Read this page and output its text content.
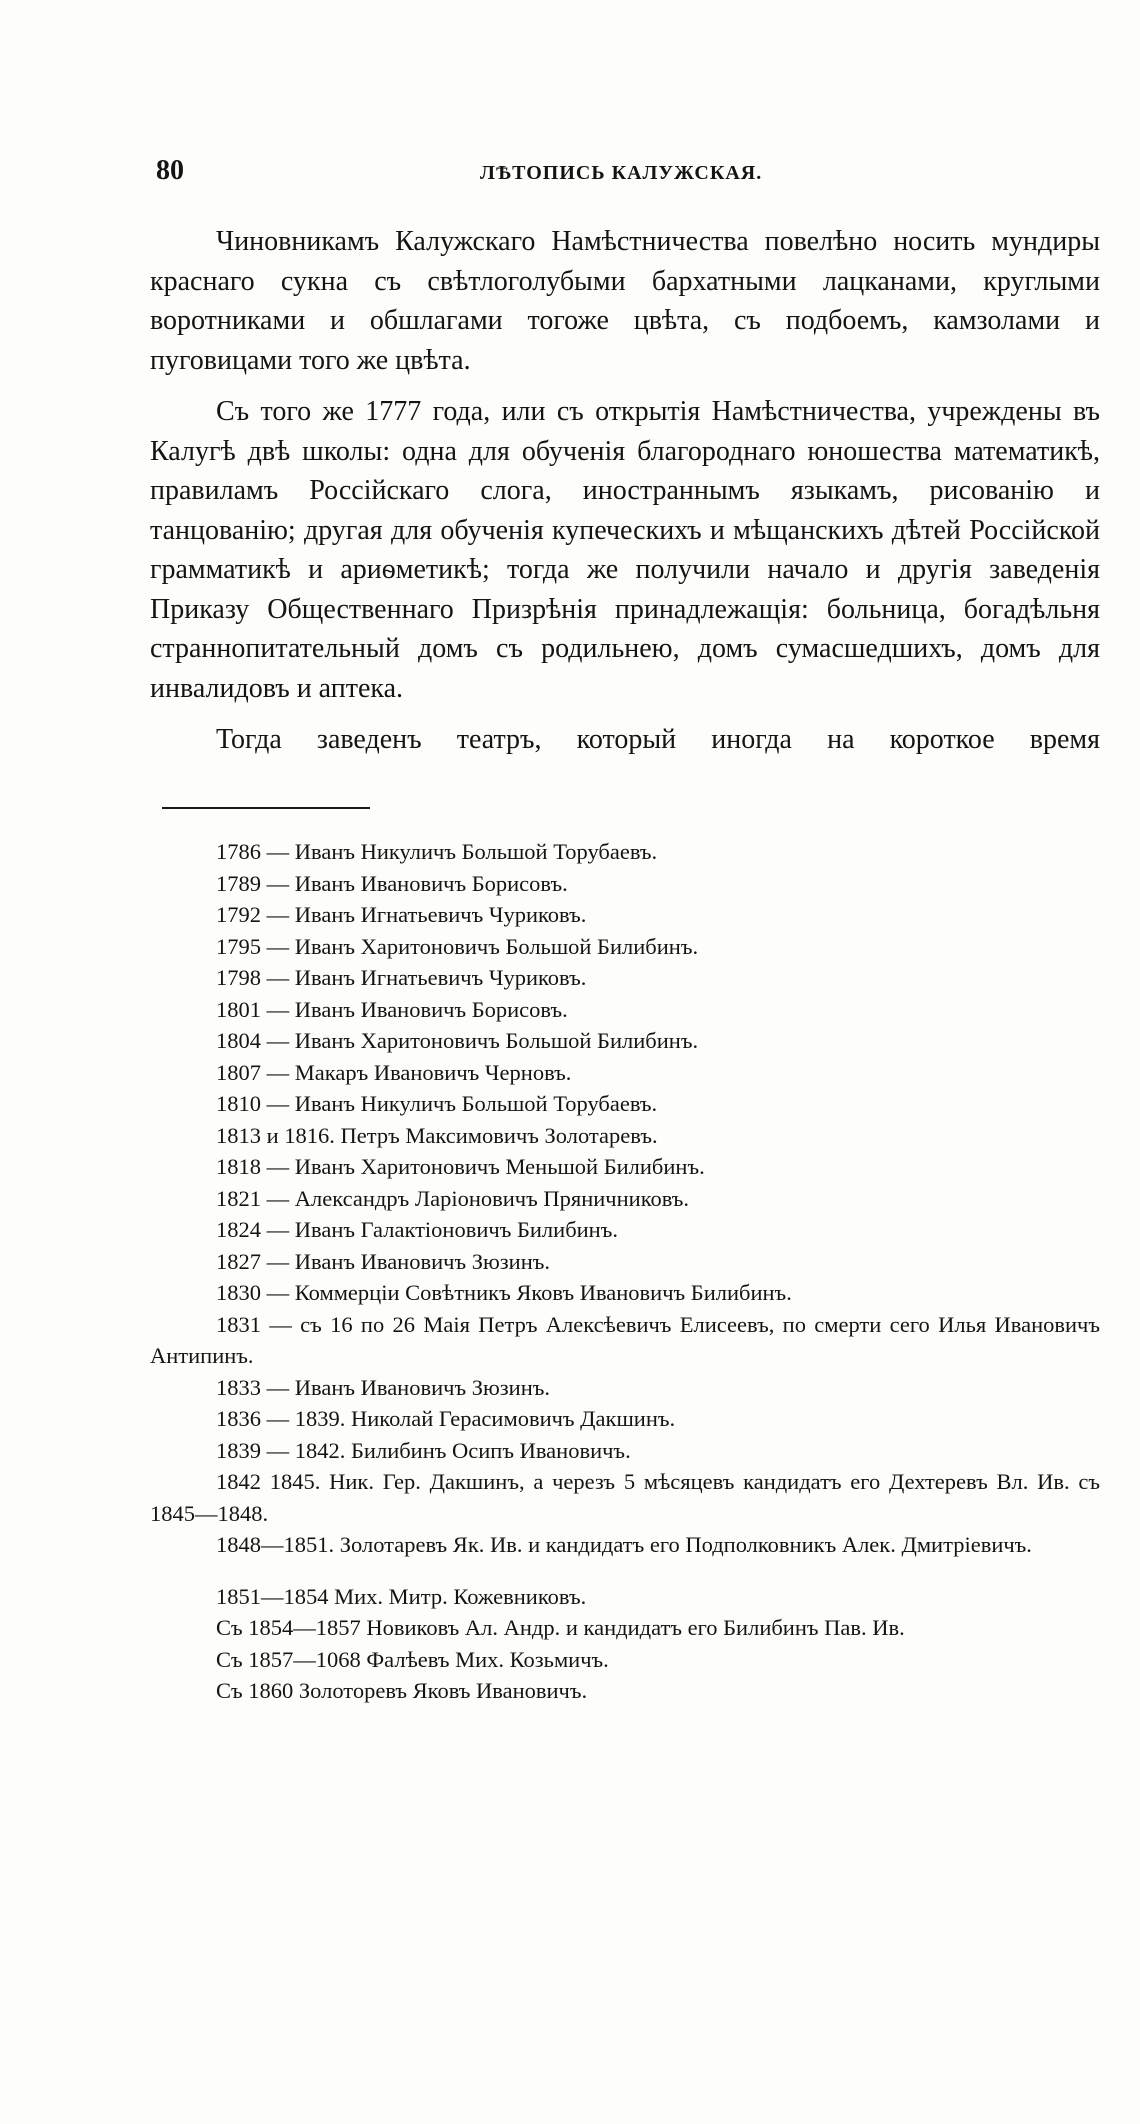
80	ЛѢТОПИСЬ КАЛУЖСКАЯ.

Чиновникамъ Калужскаго Намѣстничества повелѣно носить мундиры краснаго сукна съ свѣтлоголубыми бархатными лацканами, круглыми воротниками и обшлагами тогоже цвѣта, съ подбоемъ, камзолами и пуговицами того же цвѣта.

Съ того же 1777 года, или съ открытія Намѣстничества, учреждены въ Калугѣ двѣ школы: одна для обученія благороднаго юношества математикѣ, правиламъ Россійскаго слога, иностраннымъ языкамъ, рисованію и танцованію; другая для обученія купеческихъ и мѣщанскихъ дѣтей Россійской грамматикѣ и ариѳметикѣ; тогда же получили начало и другія заведенія Приказу Общественнаго Призрѣнія принадлежащія: больница, богадѣльня страннопитательный домъ съ родильнею, домъ сумасшедшихъ, домъ для инвалидовъ и аптека.

Тогда заведенъ театръ, который иногда на короткое время

1786 — Иванъ Никуличъ Большой Торубаевъ.
1789 — Иванъ Ивановичъ Борисовъ.
1792 — Иванъ Игнатьевичъ Чуриковъ.
1795 — Иванъ Харитоновичъ Большой Билибинъ.
1798 — Иванъ Игнатьевичъ Чуриковъ.
1801 — Иванъ Ивановичъ Борисовъ.
1804 — Иванъ Харитоновичъ Большой Билибинъ.
1807 — Макаръ Ивановичъ Черновъ.
1810 — Иванъ Никуличъ Большой Торубаевъ.
1813 и 1816. Петръ Максимовичъ Золотаревъ.
1818 — Иванъ Харитоновичъ Меньшой Билибинъ.
1821 — Александръ Ларіоновичъ Пряничниковъ.
1824 — Иванъ Галактіоновичъ Билибинъ.
1827 — Иванъ Ивановичъ Зюзинъ.
1830 — Коммерціи Совѣтникъ Яковъ Ивановичъ Билибинъ.
1831 — съ 16 по 26 Маія Петръ Алексѣевичъ Елисеевъ, по смерти сего Илья Ивановичъ Антипинъ.
1833 — Иванъ Ивановичъ Зюзинъ.
1836 — 1839. Николай Герасимовичъ Дакшинъ.
1839 — 1842. Билибинъ Осипъ Ивановичъ.
1842 1845. Ник. Гер. Дакшинъ, а черезъ 5 мѣсяцевъ кандидатъ его Дехтеревъ Вл. Ив. съ 1845—1848.
1848—1851. Золотаревъ Як. Ив. и кандидатъ его Подполковникъ Алек. Дмитріевичъ.
1851—1854 Мих. Митр. Кожевниковъ.
Съ 1854—1857 Новиковъ Ал. Андр. и кандидатъ его Билибинъ Пав. Ив.
Съ 1857—1068 Фалѣевъ Мих. Козьмичъ.
Съ 1860 Золоторевъ Яковъ Ивановичъ.
